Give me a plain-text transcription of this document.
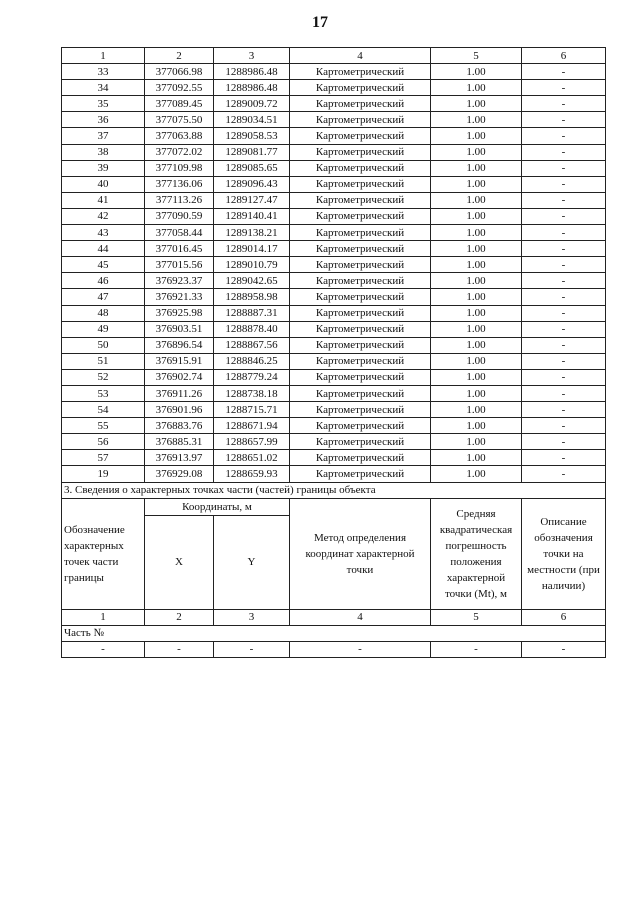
17
1	2	3	4	5	6
33	377066.98	1288986.48	Картометрический	1.00	-
34	377092.55	1288986.48	Картометрический	1.00	-
35	377089.45	1289009.72	Картометрический	1.00	-
36	377075.50	1289034.51	Картометрический	1.00	-
37	377063.88	1289058.53	Картометрический	1.00	-
38	377072.02	1289081.77	Картометрический	1.00	-
39	377109.98	1289085.65	Картометрический	1.00	-
40	377136.06	1289096.43	Картометрический	1.00	-
41	377113.26	1289127.47	Картометрический	1.00	-
42	377090.59	1289140.41	Картометрический	1.00	-
43	377058.44	1289138.21	Картометрический	1.00	-
44	377016.45	1289014.17	Картометрический	1.00	-
45	377015.56	1289010.79	Картометрический	1.00	-
46	376923.37	1289042.65	Картометрический	1.00	-
47	376921.33	1288958.98	Картометрический	1.00	-
48	376925.98	1288887.31	Картометрический	1.00	-
49	376903.51	1288878.40	Картометрический	1.00	-
50	376896.54	1288867.56	Картометрический	1.00	-
51	376915.91	1288846.25	Картометрический	1.00	-
52	376902.74	1288779.24	Картометрический	1.00	-
53	376911.26	1288738.18	Картометрический	1.00	-
54	376901.96	1288715.71	Картометрический	1.00	-
55	376883.76	1288671.94	Картометрический	1.00	-
56	376885.31	1288657.99	Картометрический	1.00	-
57	376913.97	1288651.02	Картометрический	1.00	-
19	376929.08	1288659.93	Картометрический	1.00	-
3. Сведения о характерных точках части (частей) границы объекта					
Обозначение характерных точек части границы	Координаты, м		Метод определения координат характерной точки	Средняя квадратическая погрешность положения характерной точки (Mt), м	Описание обозначения точки на местности (при наличии)
	X	Y			
1	2	3	4	5	6
Часть №					
-	-	-	-	-	-
